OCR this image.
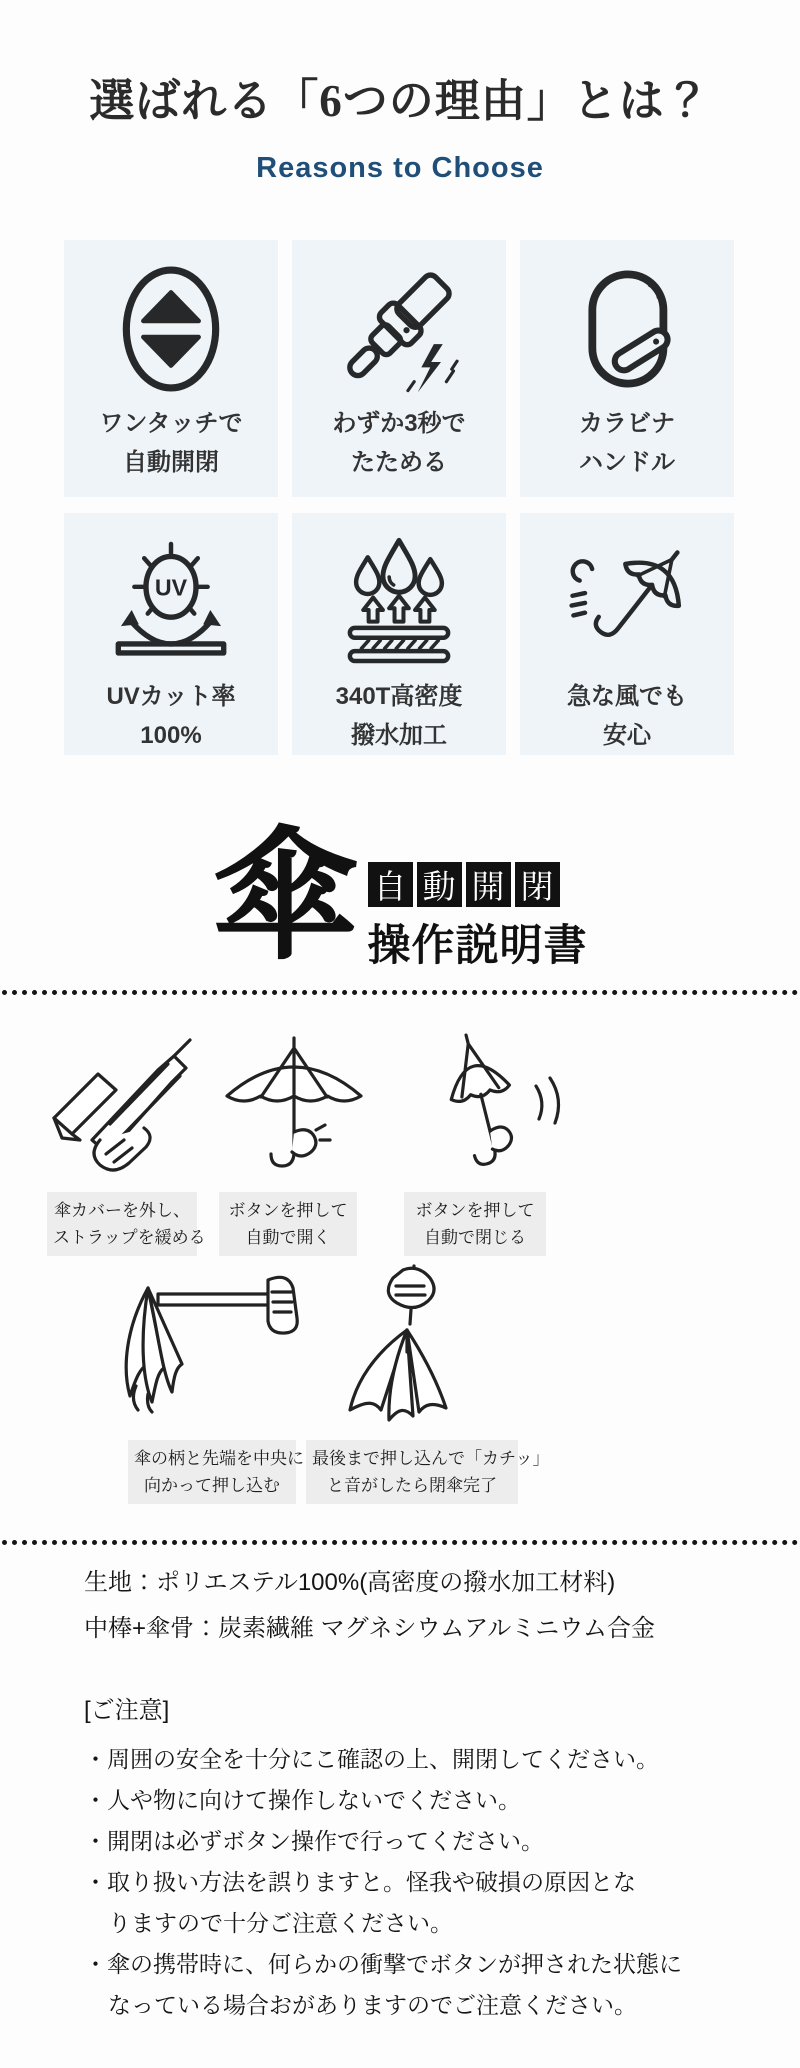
選ばれる「6つの理由」とは？
Reasons to Choose
ワンタッチで
自動開閉
わずか3秒で
たためる
カラビナ
ハンドル
UV
UVカット率
100%
340T高密度
撥水加工
急な風でも
安心
傘 自 動 開 閉
操作説明書
傘カバーを外し、
ストラップを緩める
ボタンを押して
自動で開く
ボタンを押して
自動で閉じる
傘の柄と先端を中央に
向かって押し込む
最後まで押し込んで「カチッ」
と音がしたら閉傘完了
生地：ポリエステル100%(高密度の撥水加工材料)
中棒+傘骨：炭素繊維 マグネシウムアルミニウム合金
[ご注意]
・周囲の安全を十分にこ確認の上、開閉してください。
・人や物に向けて操作しないでください。
・開閉は必ずボタン操作で行ってください。
・取り扱い方法を誤りますと。怪我や破損の原因とな
りますので十分ご注意ください。
・傘の携帯時に、何らかの衝撃でボタンが押された状態に
なっている場合おがありますのでご注意ください。
